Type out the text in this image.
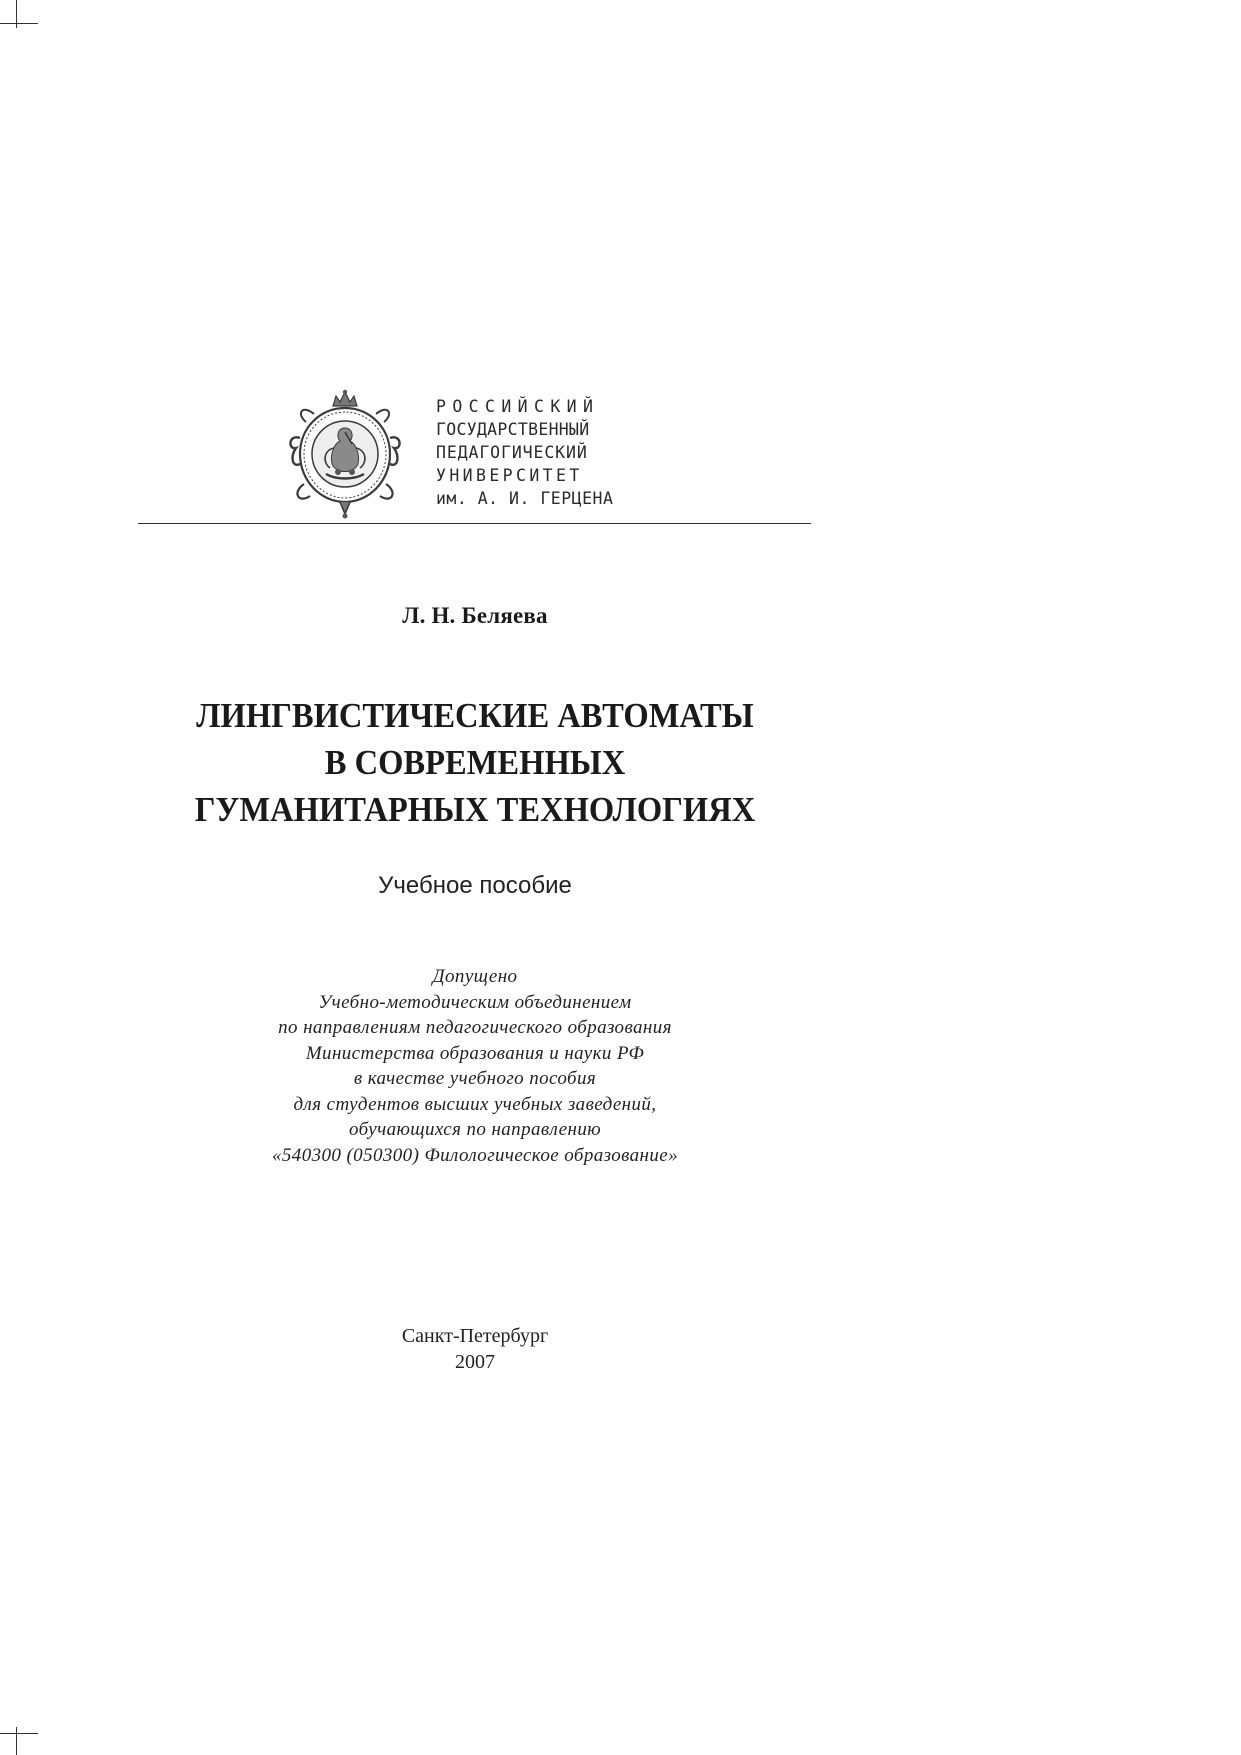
РОССИЙСКИЙ
ГОСУДАРСТВЕННЫЙ
ПЕДАГОГИЧЕСКИЙ
УНИВЕРСИТЕТ
им. А. И. ГЕРЦЕНА
Л. Н. Беляева
ЛИНГВИСТИЧЕСКИЕ АВТОМАТЫ
В СОВРЕМЕННЫХ
ГУМАНИТАРНЫХ ТЕХНОЛОГИЯХ
Учебное пособие
Допущено
Учебно-методическим объединением
по направлениям педагогического образования
Министерства образования и науки РФ
в качестве учебного пособия
для студентов высших учебных заведений,
обучающихся по направлению
«540300 (050300) Филологическое образование»
Санкт-Петербург
2007
